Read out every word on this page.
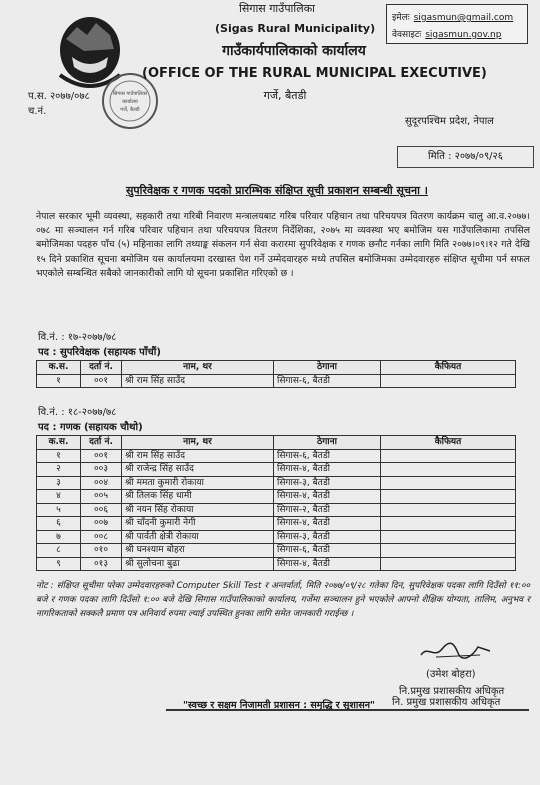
सिगास गाउँपालिका
कार्यालय
गर्जे, बैतडी
सिगास गाउँपालिका
(Sigas Rural Municipality)
गाउँकार्यपालिकाको कार्यालय
(OFFICE OF THE RURAL MUNICIPAL EXECUTIVE)
गर्जे, बैतडी
इमेलः sigasmun@gmail.com
वेवसाइटः sigasmun.gov.np
प.स. २०७७/०७८
च.नं.
सुदूरपश्चिम प्रदेश, नेपाल
मिति : २०७७/०९/२६
सुपरिवेक्षक र गणक पदको प्रारम्भिक संक्षिप्त सूची प्रकाशन सम्बन्धी सूचना ।
नेपाल सरकार भूमी व्यवस्था, सहकारी तथा गरिबी निवारण मन्त्रालयबाट गरिब परिवार पहिचान तथा परिचयपत्र वितरण कार्यक्रम चालु आ.व.२०७७।०७८ मा सञ्चालन गर्न गरिब परिवार पहिचान तथा परिचयपत्र वितरण निर्देशिका, २०७५ मा व्यवस्था भए बमोजिम यस गाउँपालिकामा तपसिल बमोजिमका पदहरु पाँच (५) महिनाका लागि तथ्याङ्क संकलन गर्न सेवा करारमा सुपरिवेक्षक र गणक छनौट गर्नका लागि मिति २०७७।०९।१२ गते देखि १५ दिने प्रकाशित सूचना बमोजिम यस कार्यालयमा दरखास्त पेश गर्ने उम्मेदवारहरु मध्ये तपसिल बमोजिमका उम्मेदवारहरु संक्षिप्त सूचीमा पर्न सफल भएकोले सम्बन्धित सबैको जानकारीको लागि यो सूचना प्रकाशित गरिएको छ ।
वि.नं. : १७-२०७७/७८
पद : सुपरिवेक्षक (सहायक पाँचौं)
क.स.	दर्ता नं.	नाम, थर	ठेगाना	कैफियत
१	००१	श्री राम सिंह साउँद	सिगास-६, बैतडी	
वि.नं. : १८-२०७७/७८
पद : गणक (सहायक चौथो)
क.स.	दर्ता नं.	नाम, थर	ठेगाना	कैफियत
१	००१	श्री राम सिंह साउँद	सिगास-६, बैतडी	
२	००३	श्री राजेन्द्र सिंह साउँद	सिगास-४, बैतडी	
३	००४	श्री ममता कुमारी रोकाया	सिगास-३, बैतडी	
४	००५	श्री तिलक सिंह धामी	सिगास-४, बैतडी	
५	००६	श्री नयन सिंह रोकाया	सिगास-२, बैतडी	
६	००७	श्री चाँदनी कुमारी नेगी	सिगास-४, बैतडी	
७	००८	श्री पार्वती क्षेत्री रोकाया	सिगास-३, बैतडी	
८	०१०	श्री घनश्याम बोहरा	सिगास-६, बैतडी	
९	०१३	श्री सुलोचना बुढा	सिगास-४, बैतडी	
नोट : संक्षिप्त सूचीमा परेका उम्मेदवारहरुको Computer Skill Test र अन्तर्वार्ता, मिति २०७७/०९/२८ गतेका दिन, सुपरिवेक्षक पदका लागि दिउँसो ११:०० बजे र गणक पदका लागि दिउँसो १:०० बजे देखि सिगास गाउँपालिकाको कार्यालय, गर्जेमा सञ्चालन हुने भएकोले आफ्नो शैक्षिक योग्यता, तालिम, अनुभव र नागरिकताको सक्कलै प्रमाण पत्र अनिवार्य रुपमा ल्याई उपस्थित हुनका लागि समेत जानकारी गराईन्छ ।
(उमेश बोहरा)
नि.प्रमुख प्रशासकीय अधिकृत
नि. प्रमुख प्रशासकीय अधिकृत
"स्वच्छ र सक्षम निजामती प्रशासन : समृद्धि र सुशासन"
